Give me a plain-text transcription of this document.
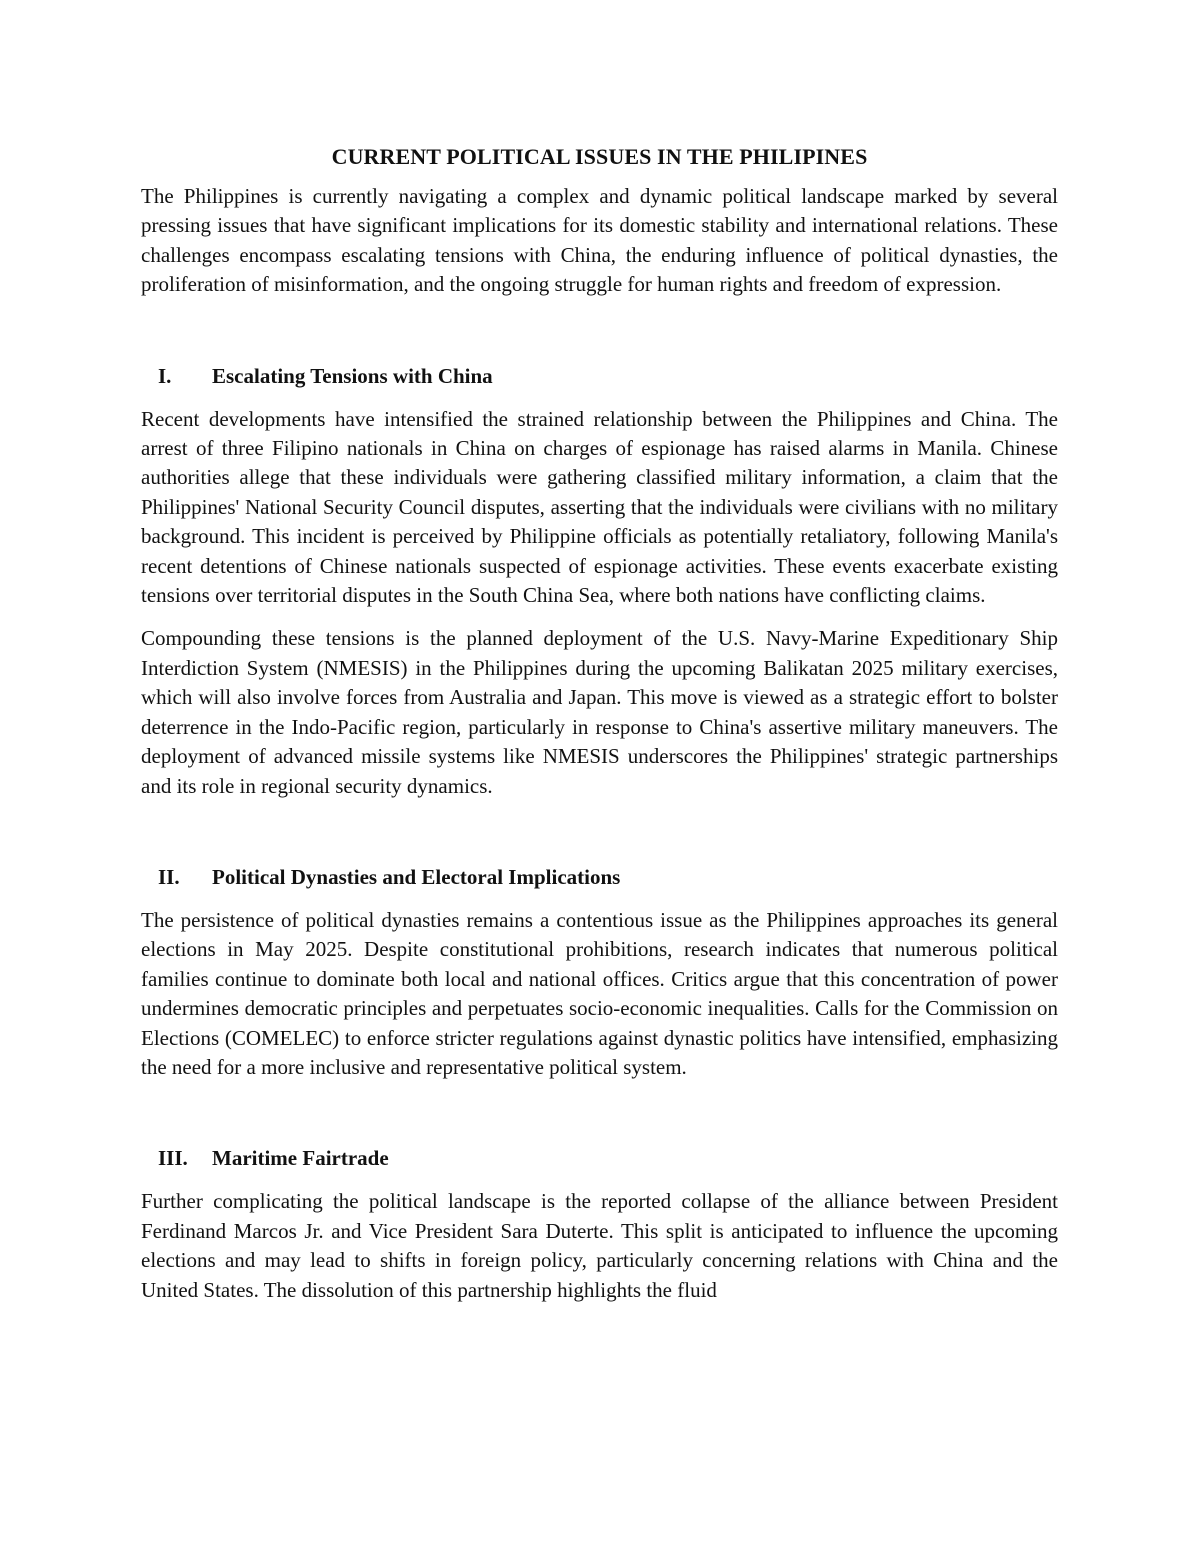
CURRENT POLITICAL ISSUES IN THE PHILIPINES

The Philippines is currently navigating a complex and dynamic political landscape marked by several pressing issues that have significant implications for its domestic stability and international relations. These challenges encompass escalating tensions with China, the enduring influence of political dynasties, the proliferation of misinformation, and the ongoing struggle for human rights and freedom of expression.

I.	Escalating Tensions with China

Recent developments have intensified the strained relationship between the Philippines and China. The arrest of three Filipino nationals in China on charges of espionage has raised alarms in Manila. Chinese authorities allege that these individuals were gathering classified military information, a claim that the Philippines' National Security Council disputes, asserting that the individuals were civilians with no military background. This incident is perceived by Philippine officials as potentially retaliatory, following Manila's recent detentions of Chinese nationals suspected of espionage activities. These events exacerbate existing tensions over territorial disputes in the South China Sea, where both nations have conflicting claims.

Compounding these tensions is the planned deployment of the U.S. Navy-Marine Expeditionary Ship Interdiction System (NMESIS) in the Philippines during the upcoming Balikatan 2025 military exercises, which will also involve forces from Australia and Japan. This move is viewed as a strategic effort to bolster deterrence in the Indo-Pacific region, particularly in response to China's assertive military maneuvers. The deployment of advanced missile systems like NMESIS underscores the Philippines' strategic partnerships and its role in regional security dynamics.

II.	Political Dynasties and Electoral Implications

The persistence of political dynasties remains a contentious issue as the Philippines approaches its general elections in May 2025. Despite constitutional prohibitions, research indicates that numerous political families continue to dominate both local and national offices. Critics argue that this concentration of power undermines democratic principles and perpetuates socio-economic inequalities. Calls for the Commission on Elections (COMELEC) to enforce stricter regulations against dynastic politics have intensified, emphasizing the need for a more inclusive and representative political system.

III.	Maritime Fairtrade

Further complicating the political landscape is the reported collapse of the alliance between President Ferdinand Marcos Jr. and Vice President Sara Duterte. This split is anticipated to influence the upcoming elections and may lead to shifts in foreign policy, particularly concerning relations with China and the United States. The dissolution of this partnership highlights the fluid
